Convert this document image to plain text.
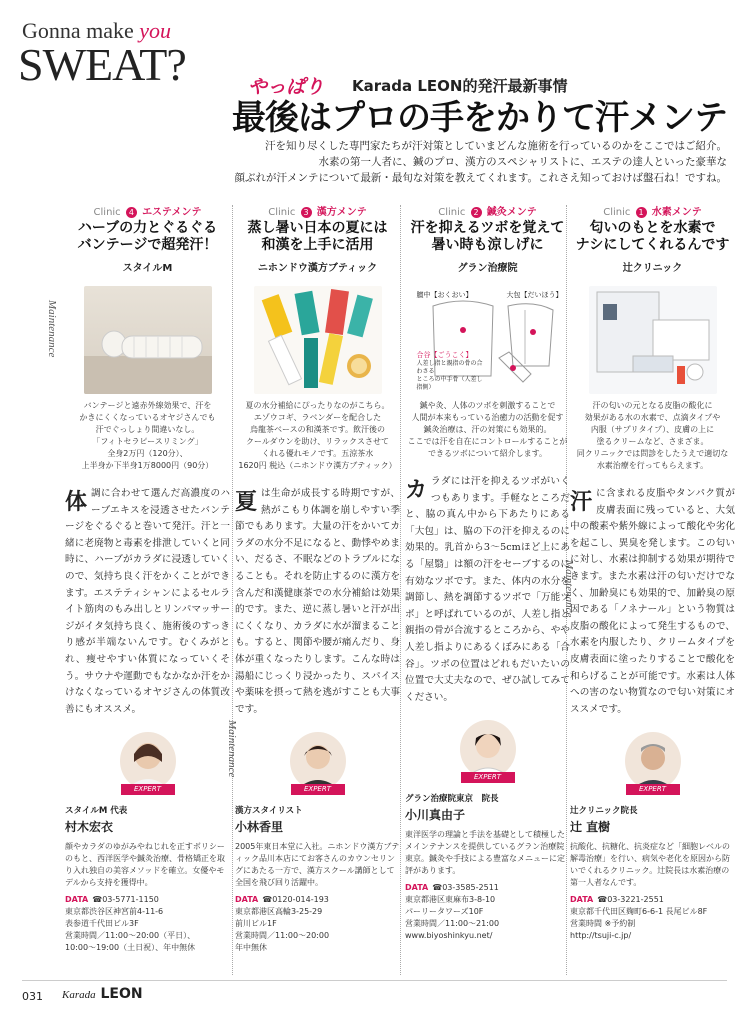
Gonna make you
SWEAT?	やっぱり Karada LEON的発汗最新事情
最後はプロの手をかりて汗メンテ

汗を知り尽くした専門家たちが汗対策としていまどんな施術を行っているのかをここではご紹介。

水素の第一人者に、鍼のプロ、漢方のスペシャリストに、エステの達人といった豪華な

顔ぶれが汗メンテについて最新・最旬な対策を教えてくれます。これさえ知っておけば盤石ね！ですね。

Maintenance
Maintenance
Maintenance
Clinic 4 エステメンテ
ハーブの力とぐるぐる
バンテージで超発汗！
スタイルM
バンテージと遠赤外線効果で、汗を
かきにくくなっているオヤジさんでも
汗でぐっしょり間違いなし。
「フィトセラピースリミング」
全身2万円（120分）、
上半身か下半身1万8000円（90分）
体調に合わせて選んだ高濃度のハーブエキスを浸透させたバンテージをぐるぐると巻いて発汗。汗と一緒に老廃物と毒素を排泄していくと同時に、ハーブがカラダに浸透していくので、気持ち良く汗をかくことができます。エステティシャンによるセルライト筋肉のもみ出しとリンパマッサージがイタ気持ち良く、施術後のすっきり感が半端ないんです。むくみがとれ、痩せやすい体質になっていくそう。サウナや運動でもなかなか汗をかけなくなっているオヤジさんの体質改善にもオススメ。
EXPERT
スタイルM 代表
村木宏衣
顔やカラダのゆがみやねじれを正すボリシーのもと、西洋医学や鍼灸治療、骨格矯正を取り入れ独自の美容メソッドを確立。女優やモデルから支持を獲得中。
DATA ☎03-5771-1150
東京都渋谷区神宮前4-11-6
表参道千代田ビル3F
営業時間／11:00〜20:00（平日）、
10:00〜19:00（土日祝）、年中無休
Clinic 3 漢方メンテ
蒸し暑い日本の夏には
和漢を上手に活用
ニホンドウ漢方ブティック
夏の水分補給にぴったりなのがこちら。
エゾウコギ、ラベンダーを配合した
烏龍茶ベースの和漢茶です。飲汗後の
クールダウンを助け、リラックスさせて
くれる優れモノです。五涼茶水
1620円 税込（ニホンドウ漢方ブティック）
夏は生命が成長する時期ですが、熱がこもり体調を崩しやすい季節でもあります。大量の汗をかいてカラダの水分不足になると、動悸やめまい、だるさ、不眠などのトラブルになることも。それを防止するのに漢方を含んだ和漢健康茶での水分補給は効果的です。また、逆に蒸し暑いと汗が出にくくなり、カラダに水が溜まることも。すると、関節や腰が痛んだり、身体が重くなったりします。こんな時は湯船にじっくり浸かったり、スパイスや薬味を摂って熱を逃がすことも大事です。
EXPERT
漢方スタイリスト
小林香里
2005年東日本堂に入社。ニホンドウ漢方ブティック品川本店にてお客さんのカウンセリングにあたる一方で、漢方スクール講師として全国を飛び回り活躍中。
DATA ☎0120-014-193
東京都港区高輪3-25-29
前川ビル1F
営業時間／11:00〜20:00
年中無休
Clinic 2 鍼灸メンテ
汗を抑えるツボを覚えて
暑い時も涼しげに
グラン治療院
膻中【おくおい】	大包【だいほう】
合谷【ごうこく】
人差し指と親指の骨の合わさる
ところの中手骨（人差し指側）
鍼や灸、人体のツボを刺激することで
人間が本来もっている治癒力の活動を促す
鍼灸治療は、汗の対策にも効果的。
ここでは汗を自在にコントロールすることが
できるツボについて紹介します。
カラダには汗を抑えるツボがいくつもあります。手軽なところだと、脇の真ん中から下あたりにある「大包」は、脇の下の汗を抑えるのに効果的。乳首から3〜5cmほど上にある「屋翳」は額の汗をセーブするのに有効なツボです。また、体内の水分を調節し、熱を調節するツボで「万能ツボ」と呼ばれているのが、人差し指と親指の骨が合流するところから、やや人差し指よりにあるくぼみにある「合谷」。ツボの位置はどれもだいたいの位置で大丈夫なので、ぜひ試してみてください。
EXPERT
グラン治療院東京　院長
小川真由子
東洋医学の理論と手法を基礎として積極したメインテナンスを提供しているグラン治療院東京。鍼灸や手技による豊富なメニューに定評があります。
DATA ☎03-3585-2511
東京都港区東麻布3-8-10
パーリータワーズ10F
営業時間／11:00〜21:00
www.biyoshinkyu.net/
Clinic 1 水素メンテ
匂いのもとを水素で
ナシにしてくれるんです
辻クリニック
汗の匂いの元となる皮脂の酸化に
効果がある水の水素で、点滴タイプや
内服（サプリタイプ）、皮膚の上に
塗るクリームなど、さまざま。
同クリニックでは問診をしたうえで適切な
水素治療を行ってもらえます。
汗に含まれる皮脂やタンパク質が皮膚表面に残っていると、大気中の酸素や紫外線によって酸化や劣化を起こし、異臭を発します。この匂いに対し、水素は抑制する効果が期待できます。また水素は汗の匂いだけでなく、加齢臭にも効果的で、加齢臭の原因である「ノネナール」という物質は皮脂の酸化によって発生するもので、水素を内服したり、クリームタイプを皮膚表面に塗ったりすることで酸化を和らげることが可能です。水素は人体への害のない物質なので匂い対策にオススメです。
EXPERT
辻クリニック院長
辻 直樹
抗酸化、抗糖化、抗炎症など「細胞レベルの解毒治療」を行い、病気や老化を原因から防いでくれるクリニック。辻院長は水素治療の第一人者なんです。
DATA ☎03-3221-2551
東京都千代田区麹町6-6-1 長尾ビル8F
営業時間 ※予約制
http://tsuji-c.jp/
031 Karada LEON
